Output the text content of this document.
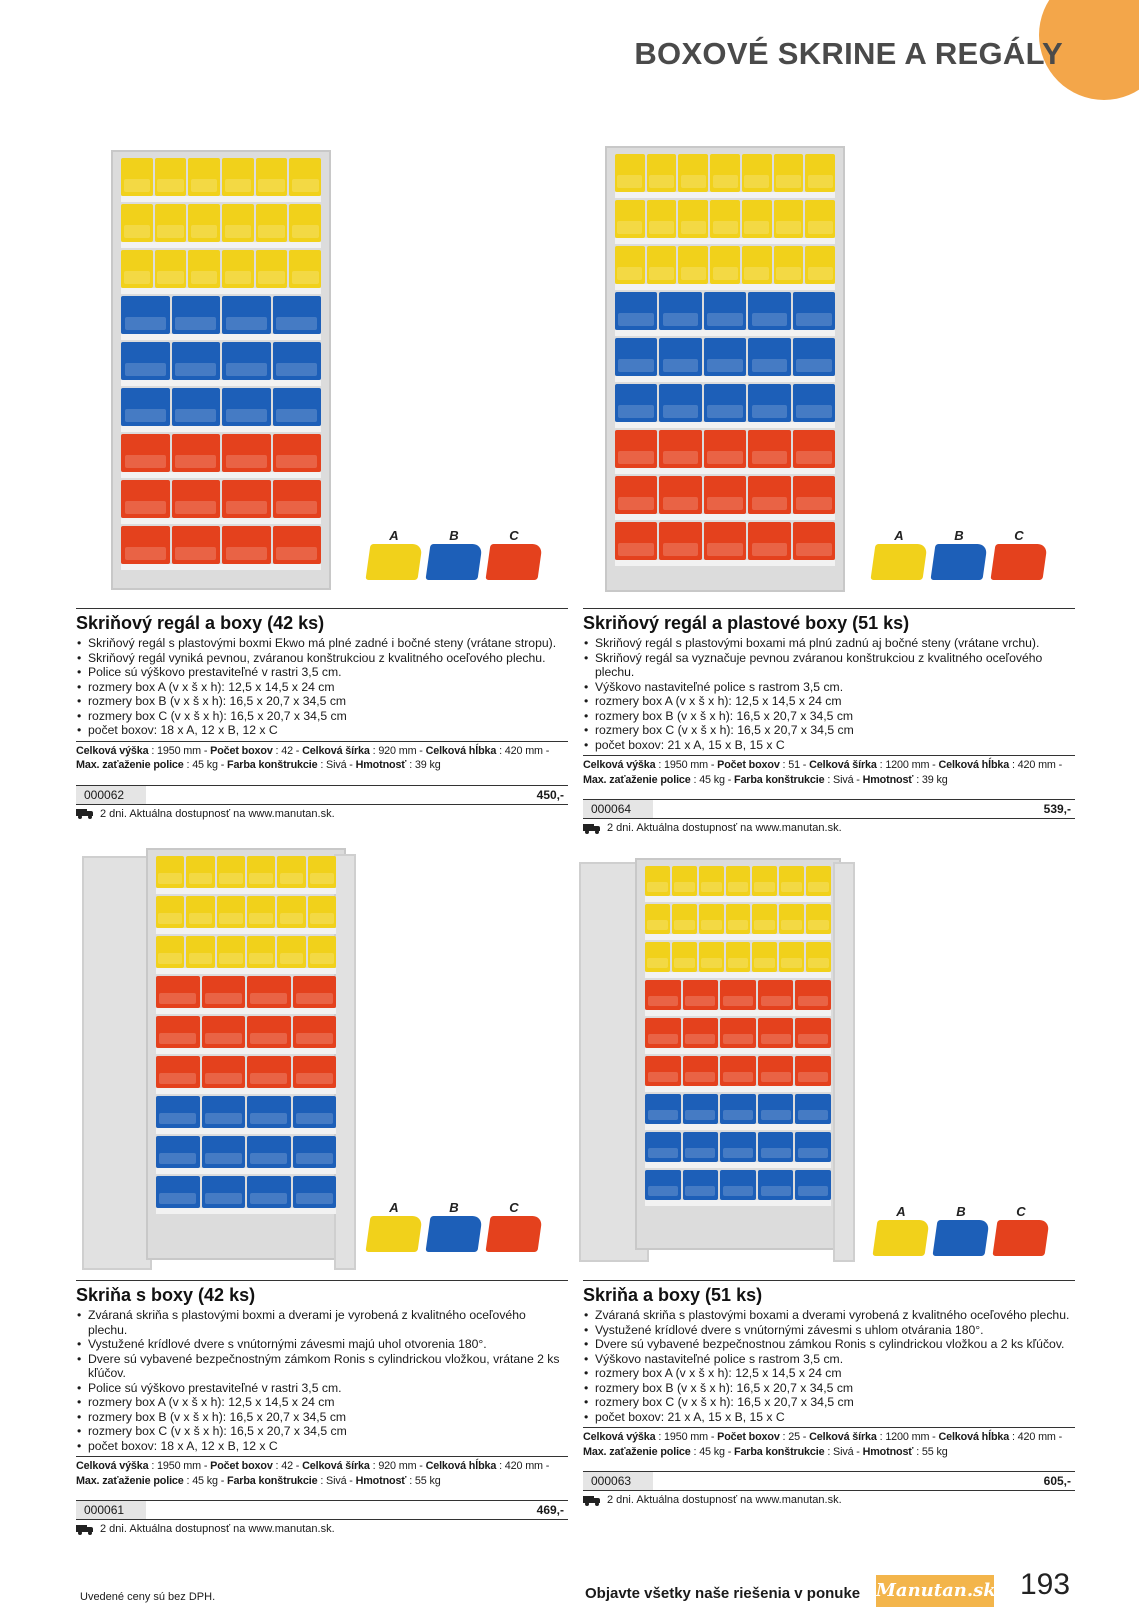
BOXOVÉ SKRINE A REGÁLY
A	B	C
Skriňový regál a boxy (42 ks)
• Skriňový regál s plastovými boxmi Ekwo má plné zadné i bočné steny (vrátane stropu).
• Skriňový regál vyniká pevnou, zváranou konštrukciou z kvalitného oceľového plechu.
• Police sú výškovo prestaviteľné v rastri 3,5 cm.
• rozmery box A (v x š x h): 12,5 x 14,5 x 24 cm
• rozmery box B (v x š x h): 16,5 x 20,7 x 34,5 cm
• rozmery box C (v x š x h): 16,5 x 20,7 x 34,5 cm
• počet boxov: 18 x A, 12 x B, 12 x C
Celková výška : 1950 mm - Počet boxov : 42 - Celková šírka : 920 mm - Celková hĺbka : 420 mm - Max. zaťaženie police : 45 kg - Farba konštrukcie : Sivá - Hmotnosť : 39 kg
000062	450,-
2 dni. Aktuálna dostupnosť na www.manutan.sk.
A	B	C
Skriňový regál a plastové boxy (51 ks)
• Skriňový regál s plastovými boxami má plnú zadnú aj bočné steny (vrátane vrchu).
• Skriňový regál sa vyznačuje pevnou zváranou konštrukciou z kvalitného oceľového plechu.
• Výškovo nastaviteľné police s rastrom 3,5 cm.
• rozmery box A (v x š x h): 12,5 x 14,5 x 24 cm
• rozmery box B (v x š x h): 16,5 x 20,7 x 34,5 cm
• rozmery box C (v x š x h): 16,5 x 20,7 x 34,5 cm
• počet boxov: 21 x A, 15 x B, 15 x C
Celková výška : 1950 mm - Počet boxov : 51 - Celková šírka : 1200 mm - Celková hĺbka : 420 mm - Max. zaťaženie police : 45 kg - Farba konštrukcie : Sivá - Hmotnosť : 39 kg
000064	539,-
2 dni. Aktuálna dostupnosť na www.manutan.sk.
A	B	C
Skriňa s boxy (42 ks)
• Zváraná skriňa s plastovými boxmi a dverami je vyrobená z kvalitného oceľového plechu.
• Vystužené krídlové dvere s vnútornými závesmi majú uhol otvorenia 180°.
• Dvere sú vybavené bezpečnostným zámkom Ronis s cylindrickou vložkou, vrátane 2 ks kľúčov.
• Police sú výškovo prestaviteľné v rastri 3,5 cm.
• rozmery box A (v x š x h): 12,5 x 14,5 x 24 cm
• rozmery box B (v x š x h): 16,5 x 20,7 x 34,5 cm
• rozmery box C (v x š x h): 16,5 x 20,7 x 34,5 cm
• počet boxov: 18 x A, 12 x B, 12 x C
Celková výška : 1950 mm - Počet boxov : 42 - Celková šírka : 920 mm - Celková hĺbka : 420 mm - Max. zaťaženie police : 45 kg - Farba konštrukcie : Sivá - Hmotnosť : 55 kg
000061	469,-
2 dni. Aktuálna dostupnosť na www.manutan.sk.
A	B	C
Skriňa a boxy (51 ks)
• Zváraná skriňa s plastovými boxami a dverami vyrobená z kvalitného oceľového plechu.
• Vystužené krídlové dvere s vnútornými závesmi s uhlom otvárania 180°.
• Dvere sú vybavené bezpečnostnou zámkou Ronis s cylindrickou vložkou a 2 ks kľúčov.
• Výškovo nastaviteľné police s rastrom 3,5 cm.
• rozmery box A (v x š x h): 12,5 x 14,5 x 24 cm
• rozmery box B (v x š x h): 16,5 x 20,7 x 34,5 cm
• rozmery box C (v x š x h): 16,5 x 20,7 x 34,5 cm
• počet boxov: 21 x A, 15 x B, 15 x C
Celková výška : 1950 mm - Počet boxov : 25 - Celková šírka : 1200 mm - Celková hĺbka : 420 mm - Max. zaťaženie police : 45 kg - Farba konštrukcie : Sivá - Hmotnosť : 55 kg
000063	605,-
2 dni. Aktuálna dostupnosť na www.manutan.sk.
Uvedené ceny sú bez DPH.	Objavte všetky naše riešenia v ponuke Manutan.sk 193
